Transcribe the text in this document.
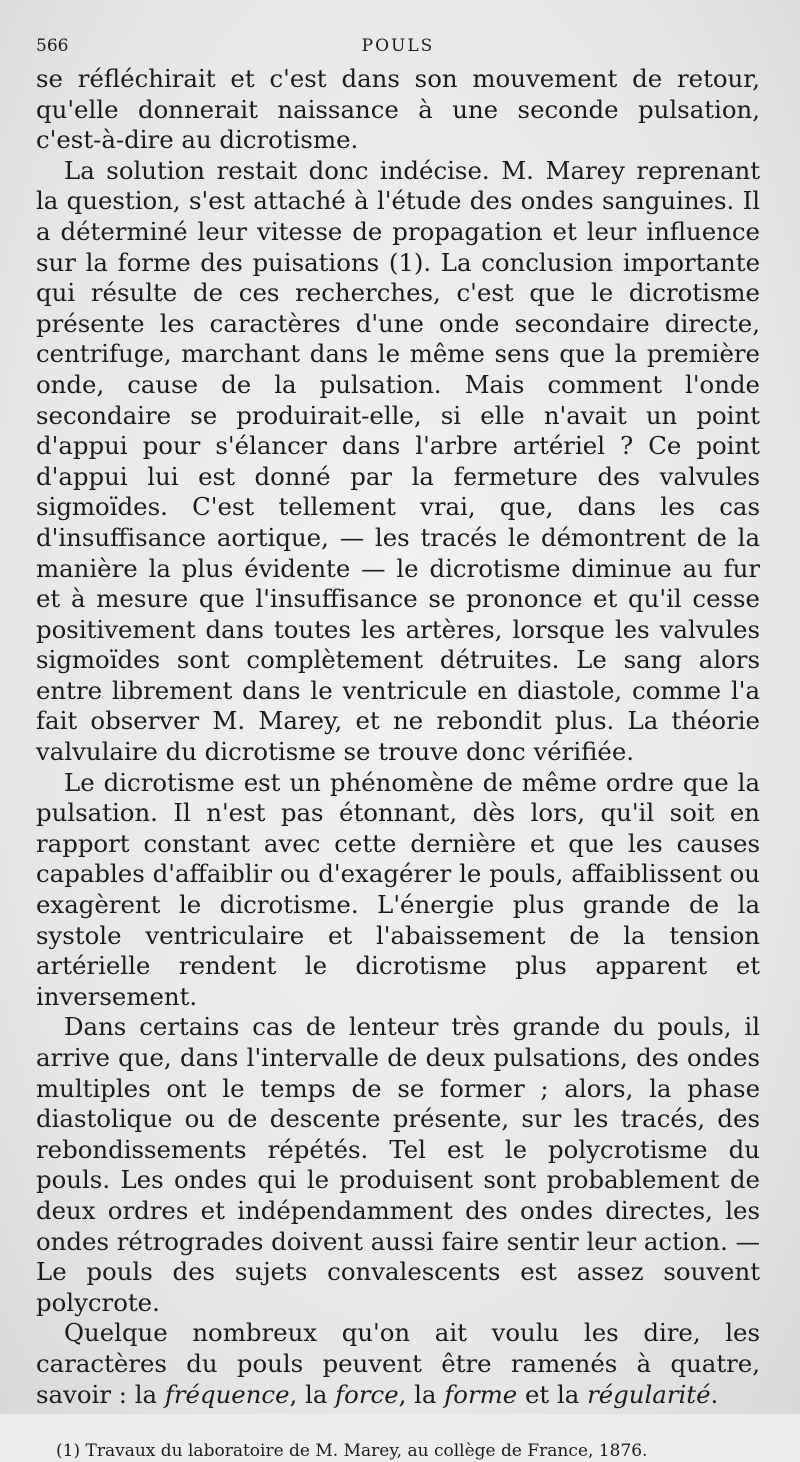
566	POULS

se réfléchirait et c'est dans son mouvement de retour, qu'elle donnerait naissance à une seconde pulsation, c'est-à-dire au dicrotisme.

La solution restait donc indécise. M. Marey reprenant la question, s'est attaché à l'étude des ondes sanguines. Il a déterminé leur vitesse de propagation et leur influence sur la forme des puisations (1). La conclusion importante qui résulte de ces recherches, c'est que le dicrotisme présente les caractères d'une onde secondaire directe, centrifuge, marchant dans le même sens que la première onde, cause de la pulsation. Mais comment l'onde secondaire se produirait-elle, si elle n'avait un point d'appui pour s'élancer dans l'arbre artériel ? Ce point d'appui lui est donné par la fermeture des valvules sigmoïdes. C'est tellement vrai, que, dans les cas d'insuffisance aortique, — les tracés le démontrent de la manière la plus évidente — le dicrotisme diminue au fur et à mesure que l'insuffisance se prononce et qu'il cesse positivement dans toutes les artères, lorsque les valvules sigmoïdes sont complètement détruites. Le sang alors entre librement dans le ventricule en diastole, comme l'a fait observer M. Marey, et ne rebondit plus. La théorie valvulaire du dicrotisme se trouve donc vérifiée.

Le dicrotisme est un phénomène de même ordre que la pulsation. Il n'est pas étonnant, dès lors, qu'il soit en rapport constant avec cette dernière et que les causes capables d'affaiblir ou d'exagérer le pouls, affaiblissent ou exagèrent le dicrotisme. L'énergie plus grande de la systole ventriculaire et l'abaissement de la tension artérielle rendent le dicrotisme plus apparent et inversement.

Dans certains cas de lenteur très grande du pouls, il arrive que, dans l'intervalle de deux pulsations, des ondes multiples ont le temps de se former ; alors, la phase diastolique ou de descente présente, sur les tracés, des rebondissements répétés. Tel est le polycrotisme du pouls. Les ondes qui le produisent sont probablement de deux ordres et indépendamment des ondes directes, les ondes rétrogrades doivent aussi faire sentir leur action. — Le pouls des sujets convalescents est assez souvent polycrote.

Quelque nombreux qu'on ait voulu les dire, les caractères du pouls peuvent être ramenés à quatre, savoir : la fréquence, la force, la forme et la régularité.

(1) Travaux du laboratoire de M. Marey, au collège de France, 1876.
